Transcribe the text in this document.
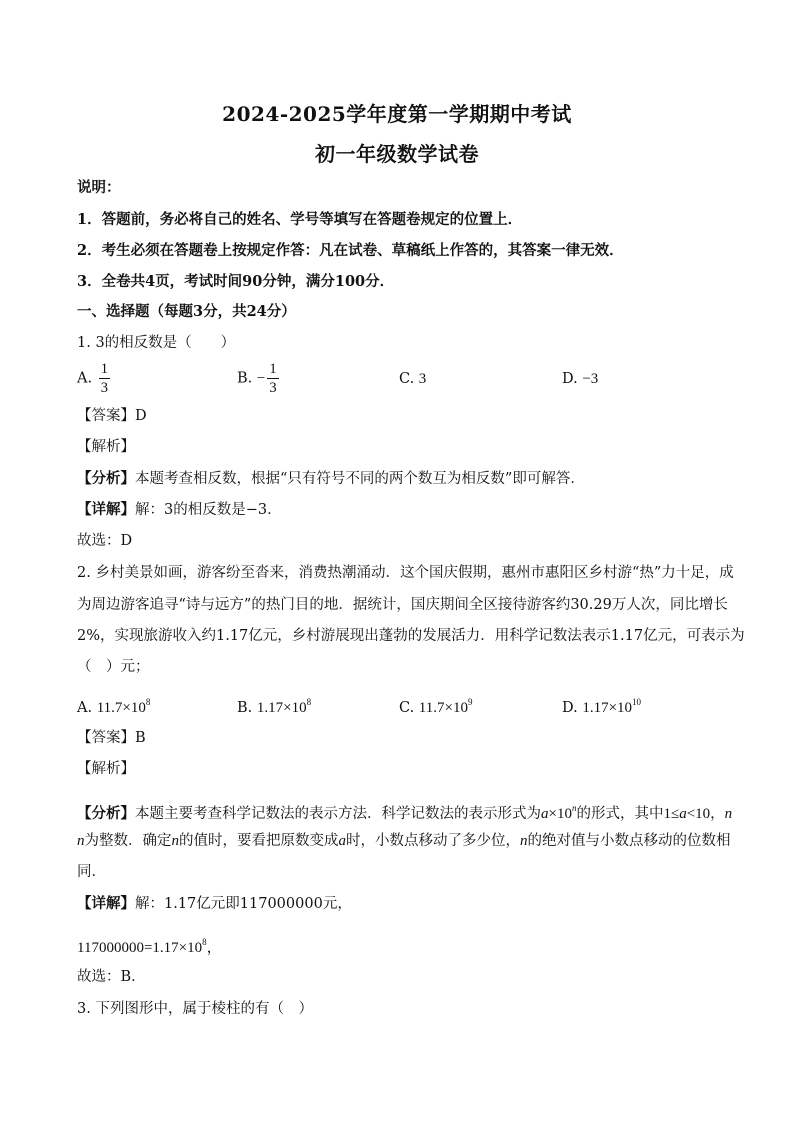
2024-2025学年度第一学期期中考试
初一年级数学试卷
说明：
1．答题前，务必将自己的姓名、学号等填写在答题卷规定的位置上．
2．考生必须在答题卷上按规定作答：凡在试卷、草稿纸上作答的，其答案一律无效．
3．全卷共4页，考试时间90分钟，满分100分．
一、选择题（每题3分，共24分）
1. 3的相反数是（　　）
A. $\frac{1}{3}$	B. − $\frac{1}{3}$	C. 3	D. −3
【答案】D
【解析】
【分析】本题考查相反数，根据“只有符号不同的两个数互为相反数”即可解答．
【详解】解：3的相反数是−3．
故选：D
2. 乡村美景如画，游客纷至沓来，消费热潮涌动．这个国庆假期，惠州市惠阳区乡村游“热”力十足，成
为周边游客追寻“诗与远方”的热门目的地．据统计，国庆期间全区接待游客约30.29万人次，同比增长
2%，实现旅游收入约1.17亿元，乡村游展现出蓬勃的发展活力．用科学记数法表示1.17亿元，可表示为
（　）元；
A. $11.7\times 10^8$	B. $1.17\times 10^8$	C. $11.7\times 10^9$	D. $1.17\times 10^{10}$
【答案】B
【解析】
【分析】本题主要考查科学记数法的表示方法．科学记数法的表示形式为$a\times 10^n$的形式，其中1≤a<10，n
n为整数．确定n的值时，要看把原数变成a时，小数点移动了多少位，n的绝对值与小数点移动的位数相
同．
【详解】解：1.17亿元即117000000元，
$117000000=1.17\times 10^8$，
故选：B．
3. 下列图形中，属于棱柱的有（　）
